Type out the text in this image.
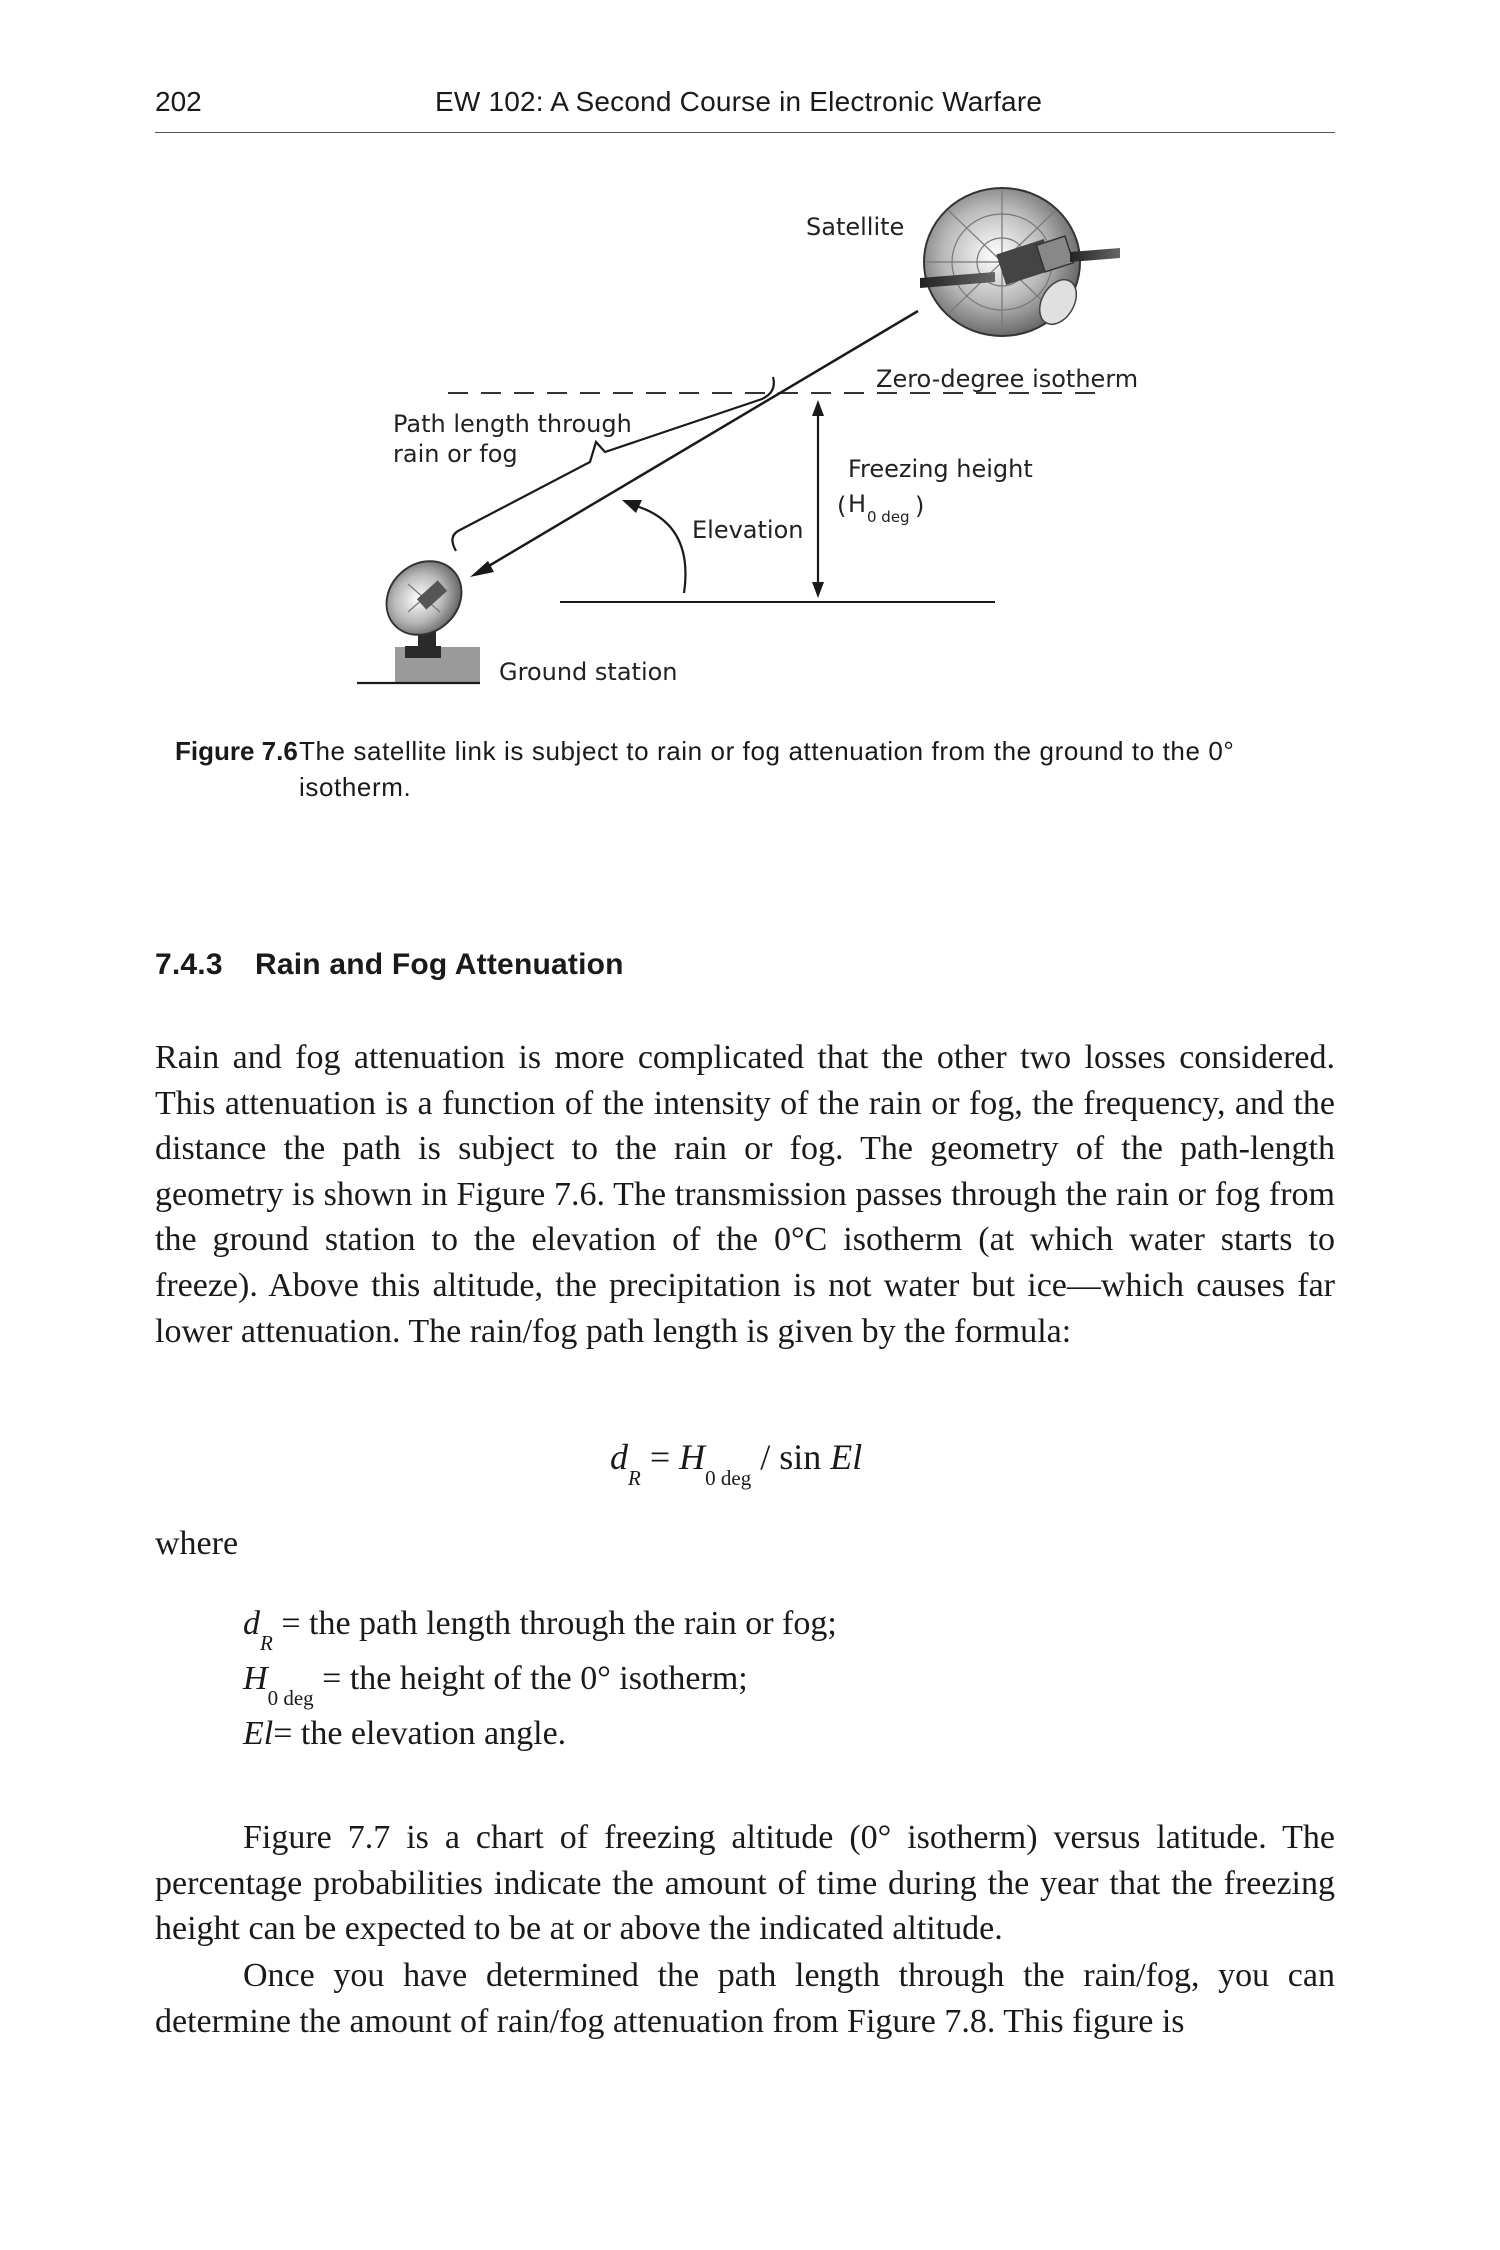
202	EW 102: A Second Course in Electronic Warfare
Satellite
Zero-degree isotherm
Path length through
rain or fog
Freezing height
( H 0 deg )
Elevation
Ground station
Figure 7.6 The satellite link is subject to rain or fog attenuation from the ground to the 0° isotherm.
7.4.3 Rain and Fog Attenuation

Rain and fog attenuation is more complicated that the other two losses considered. This attenuation is a function of the intensity of the rain or fog, the frequency, and the distance the path is subject to the rain or fog. The geometry of the path-length geometry is shown in Figure 7.6. The transmission passes through the rain or fog from the ground station to the elevation of the 0°C isotherm (at which water starts to freeze). Above this altitude, the precipitation is not water but ice—which causes far lower attenuation. The rain/fog path length is given by the formula:

$d_R = H_{0 deg} / \sin El$
where
$d_R$ = the path length through the rain or fog;
$H_{0 deg}$ = the height of the 0° isotherm;
El= the elevation angle.

Figure 7.7 is a chart of freezing altitude (0° isotherm) versus latitude. The percentage probabilities indicate the amount of time during the year that the freezing height can be expected to be at or above the indicated altitude.

Once you have determined the path length through the rain/fog, you can determine the amount of rain/fog attenuation from Figure 7.8. This figure is
